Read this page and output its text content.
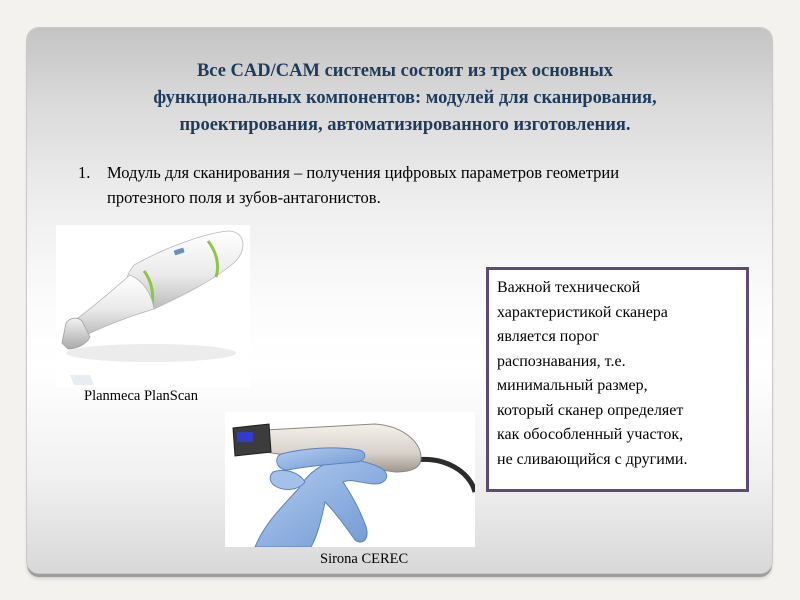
Все CAD/CAM системы состоят из трех основных
функциональных компонентов: модулей для сканирования,
проектирования, автоматизированного изготовления.
1. Модуль для сканирования – получения цифровых параметров геометрии
протезного поля и зубов-антагонистов.
Planmeca PlanScan
Sirona CEREC
Важной технической
характеристикой сканера
является порог
распознавания, т.е.
минимальный размер,
который сканер определяет
как обособленный участок,
не сливающийся с другими.
